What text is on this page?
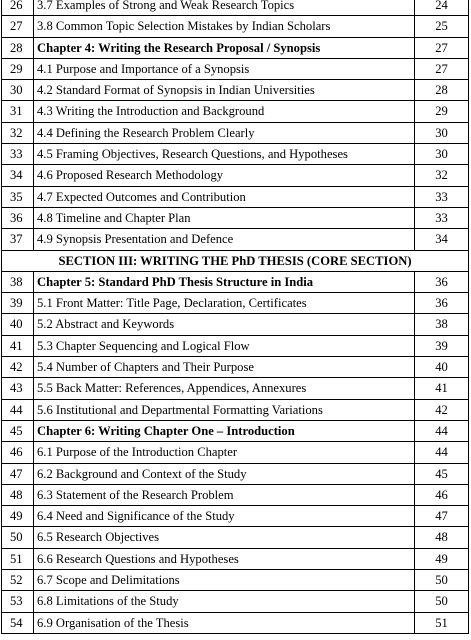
26	3.7 Examples of Strong and Weak Research Topics	24
27	3.8 Common Topic Selection Mistakes by Indian Scholars	25
28	Chapter 4: Writing the Research Proposal / Synopsis	27
29	4.1 Purpose and Importance of a Synopsis	27
30	4.2 Standard Format of Synopsis in Indian Universities	28
31	4.3 Writing the Introduction and Background	29
32	4.4 Defining the Research Problem Clearly	30
33	4.5 Framing Objectives, Research Questions, and Hypotheses	30
34	4.6 Proposed Research Methodology	32
35	4.7 Expected Outcomes and Contribution	33
36	4.8 Timeline and Chapter Plan	33
37	4.9 Synopsis Presentation and Defence	34
SECTION III: WRITING THE PhD THESIS (CORE SECTION)		
38	Chapter 5: Standard PhD Thesis Structure in India	36
39	5.1 Front Matter: Title Page, Declaration, Certificates	36
40	5.2 Abstract and Keywords	38
41	5.3 Chapter Sequencing and Logical Flow	39
42	5.4 Number of Chapters and Their Purpose	40
43	5.5 Back Matter: References, Appendices, Annexures	41
44	5.6 Institutional and Departmental Formatting Variations	42
45	Chapter 6: Writing Chapter One – Introduction	44
46	6.1 Purpose of the Introduction Chapter	44
47	6.2 Background and Context of the Study	45
48	6.3 Statement of the Research Problem	46
49	6.4 Need and Significance of the Study	47
50	6.5 Research Objectives	48
51	6.6 Research Questions and Hypotheses	49
52	6.7 Scope and Delimitations	50
53	6.8 Limitations of the Study	50
54	6.9 Organisation of the Thesis	51
